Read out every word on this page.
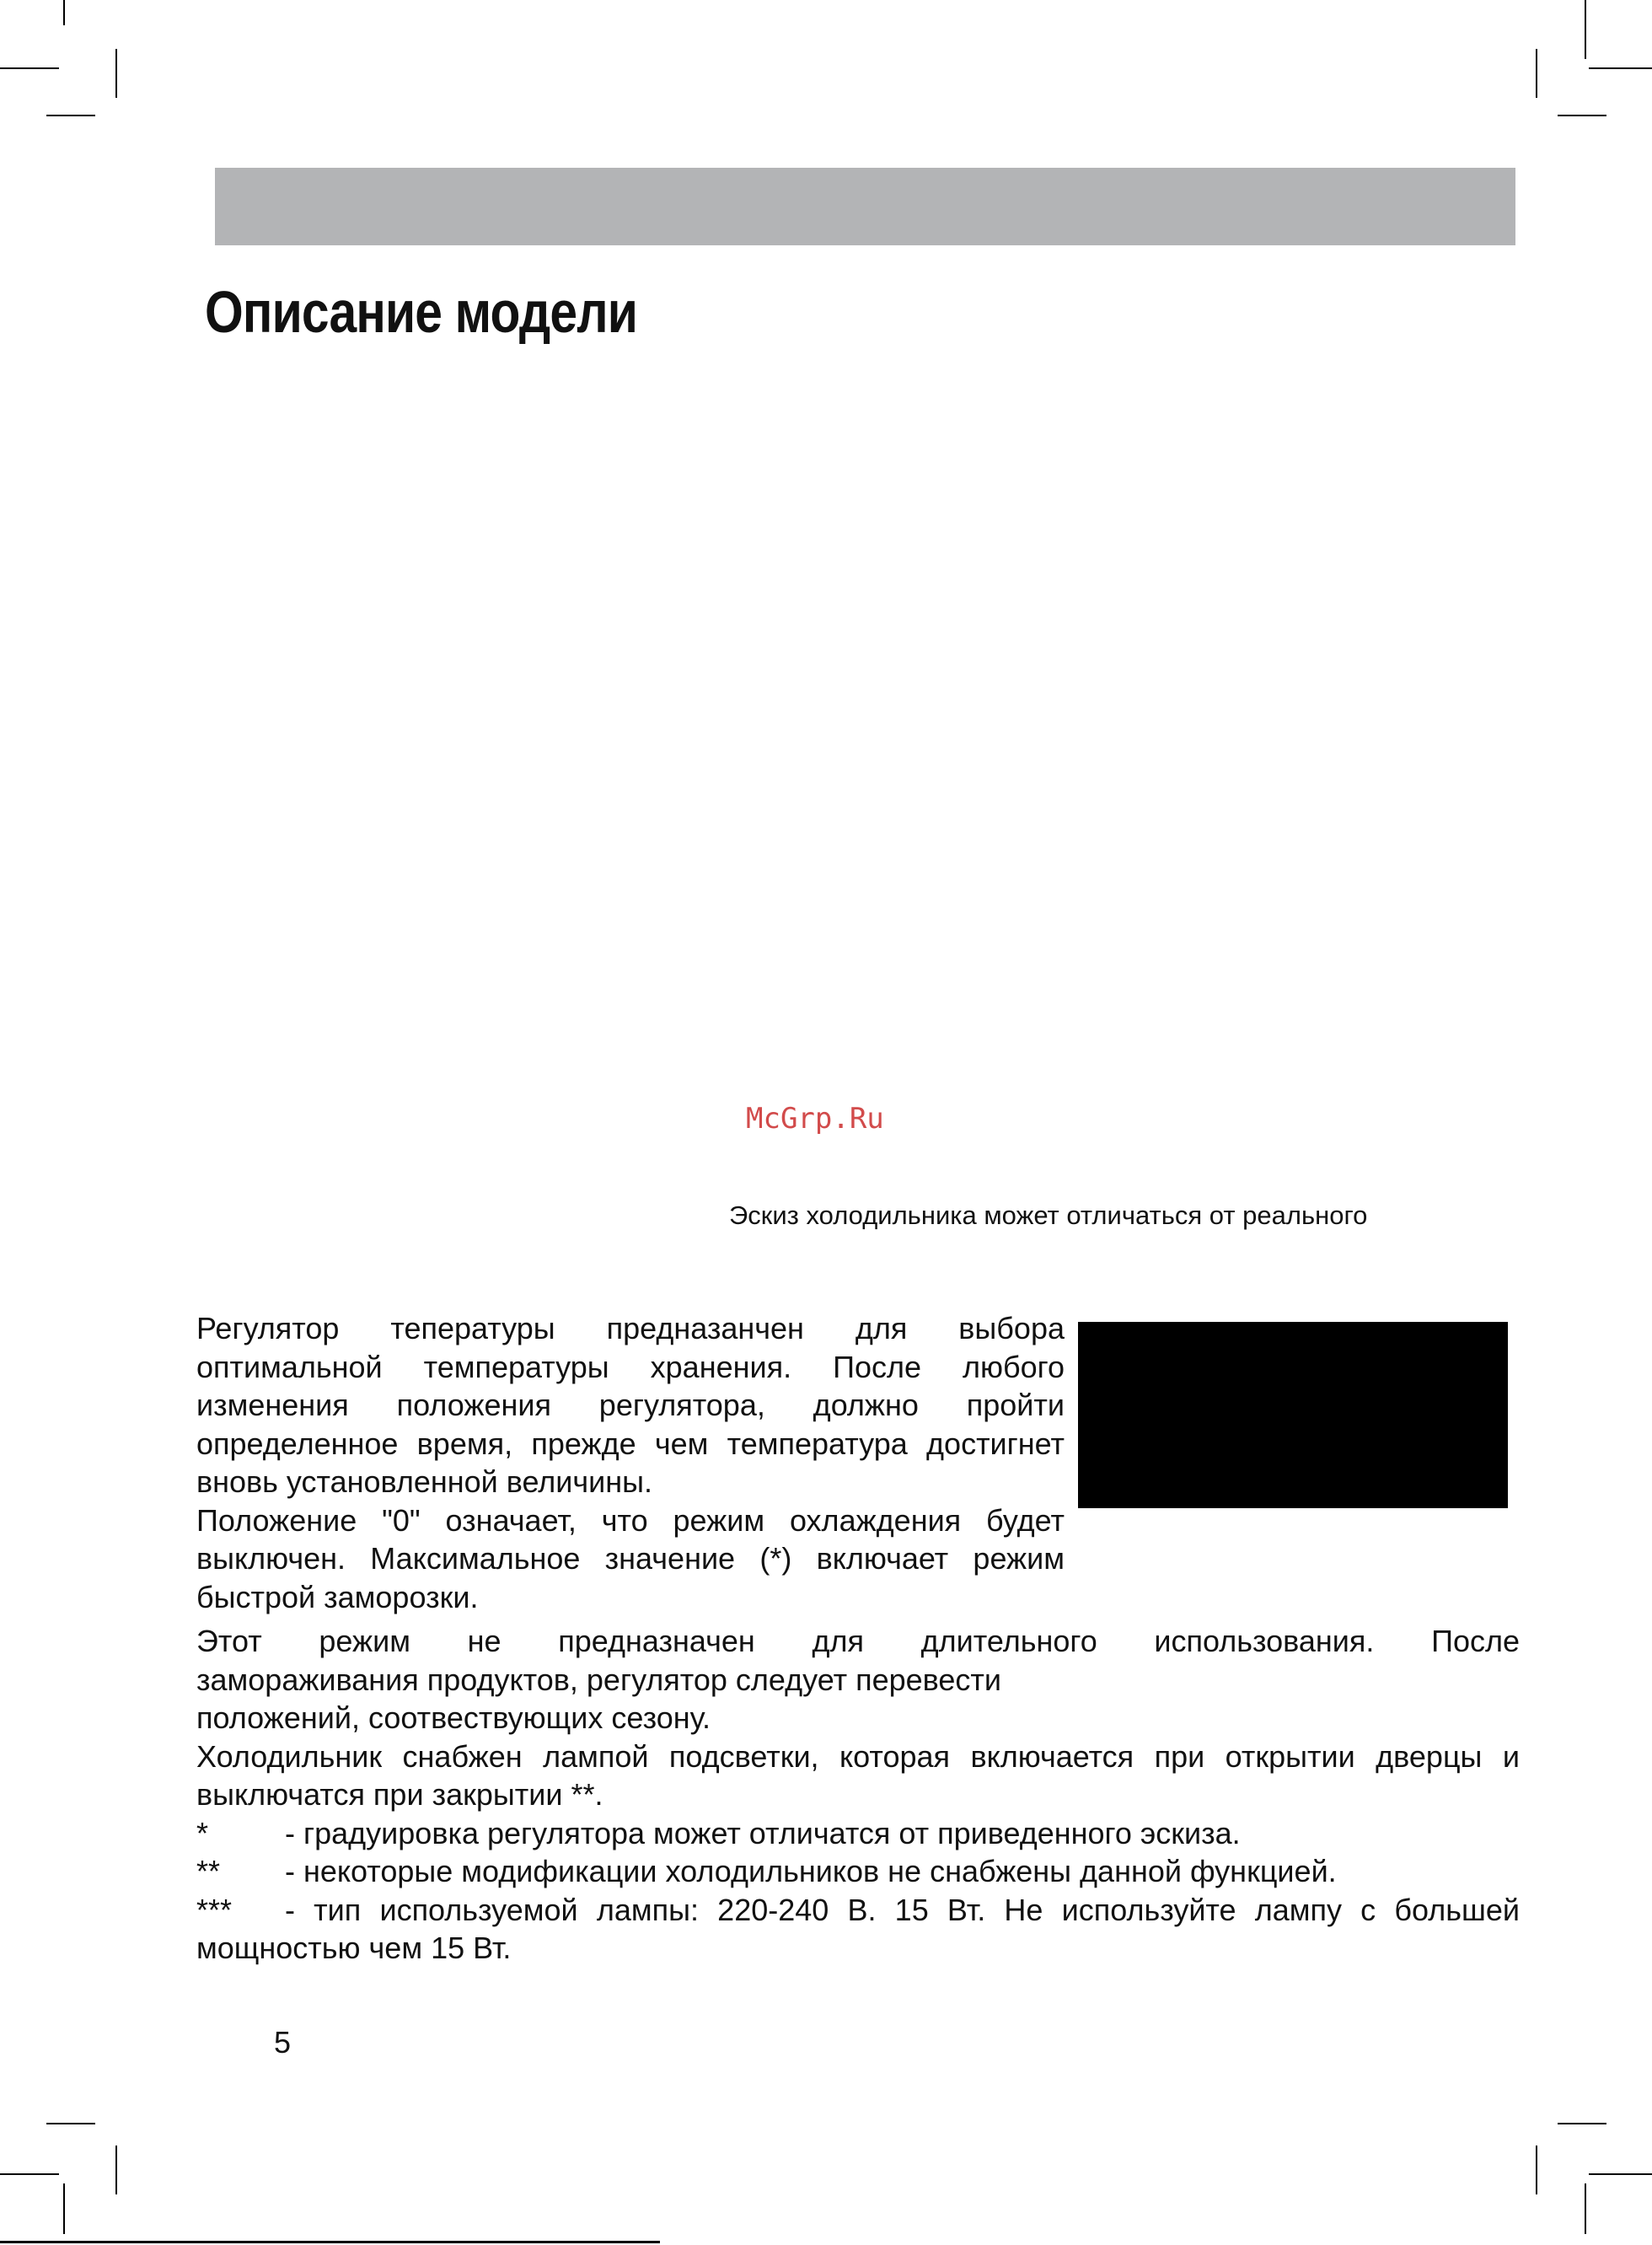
Описание модели
McGrp.Ru
Эскиз холодильника может отличаться от реального

Регулятор тепературы предназанчен для выбора оптимальной температуры хранения. После любого изменения положения регулятора, должно пройти определенное время, прежде чем температура достигнет вновь установленной величины.

Положение "0" означает, что режим охлаждения будет выключен. Максимальное значение (*) включает режим быстрой заморозки.

Этот режим не предназначен для длительного использования. После
замораживания продуктов, регулятор следует перевести
положений, соотвествующих сезону.

Холодильник снабжен лампой подсветки, которая включается при открытии дверцы и выключатся при закрытии **.

*	- градуировка регулятора может отличатся от приведенного эскиза.
**	- некоторые модификации холодильников не снабжены данной функцией.
*** - тип используемой лампы: 220-240 В. 15 Вт. Не используйте лампу с большей мощностью чем 15 Вт.
5
